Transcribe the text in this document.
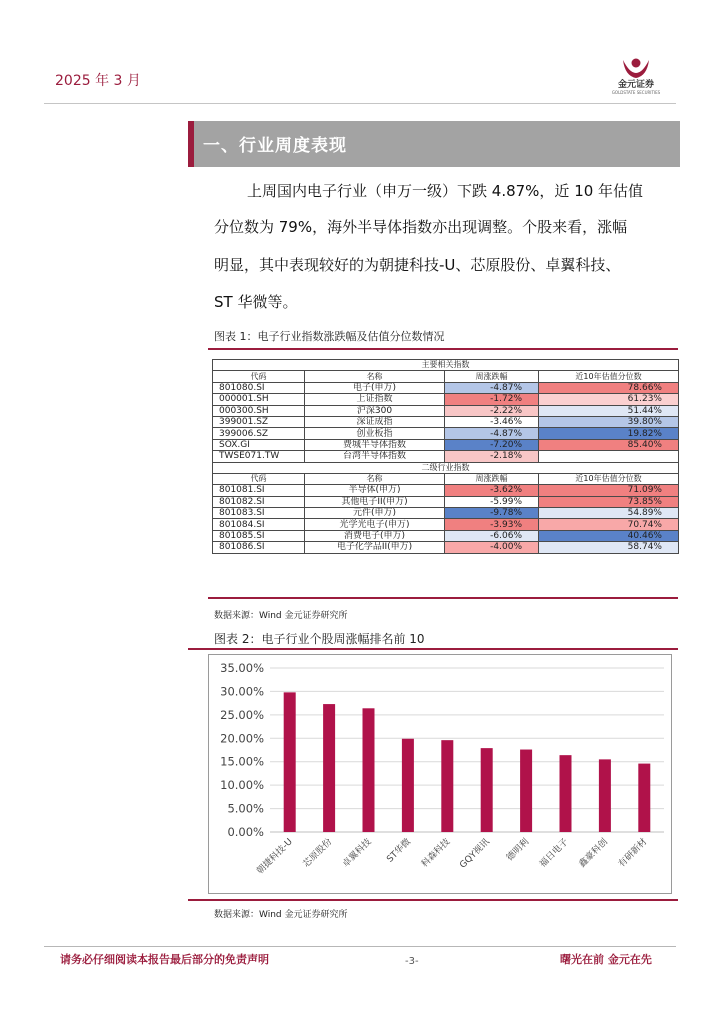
2025 年 3 月	金元证券
GOLDSTATE SECURITIES
一、行业周度表现
上周国内电子行业（申万一级）下跌 4.87%，近 10 年估值
分位数为 79%，海外半导体指数亦出现调整。个股来看，涨幅
明显，其中表现较好的为朝捷科技-U、芯原股份、卓翼科技、
ST 华微等。
图表 1：电子行业指数涨跌幅及估值分位数情况
主要相关指数			
代码	名称	周涨跌幅	近10年估值分位数
801080.SI	电子(申万)	-4.87%	78.66%
000001.SH	上证指数	-1.72%	61.23%
000300.SH	沪深300	-2.22%	51.44%
399001.SZ	深证成指	-3.46%	39.80%
399006.SZ	创业板指	-4.87%	19.82%
SOX.GI	费城半导体指数	-7.20%	85.40%
TWSE071.TW	台湾半导体指数	-2.18%	
二级行业指数			
代码	名称	周涨跌幅	近10年估值分位数
801081.SI	半导体(申万)	-3.62%	71.09%
801082.SI	其他电子II(申万)	-5.99%	73.85%
801083.SI	元件(申万)	-9.78%	54.89%
801084.SI	光学光电子(申万)	-3.93%	70.74%
801085.SI	消费电子(申万)	-6.06%	40.46%
801086.SI	电子化学品II(申万)	-4.00%	58.74%
数据来源：Wind 金元证券研究所
图表 2：电子行业个股周涨幅排名前 10
0.00%
5.00%
10.00%
15.00%
20.00%
25.00%
30.00%
35.00%
朝捷科技-U 芯原股份 卓翼科技 ST华微 科森科技 GQY视讯 德明利 福日电子 鑫豪科创 有研新材
数据来源：Wind 金元证券研究所
请务必仔细阅读本报告最后部分的免责声明	-3-	曙光在前 金元在先
